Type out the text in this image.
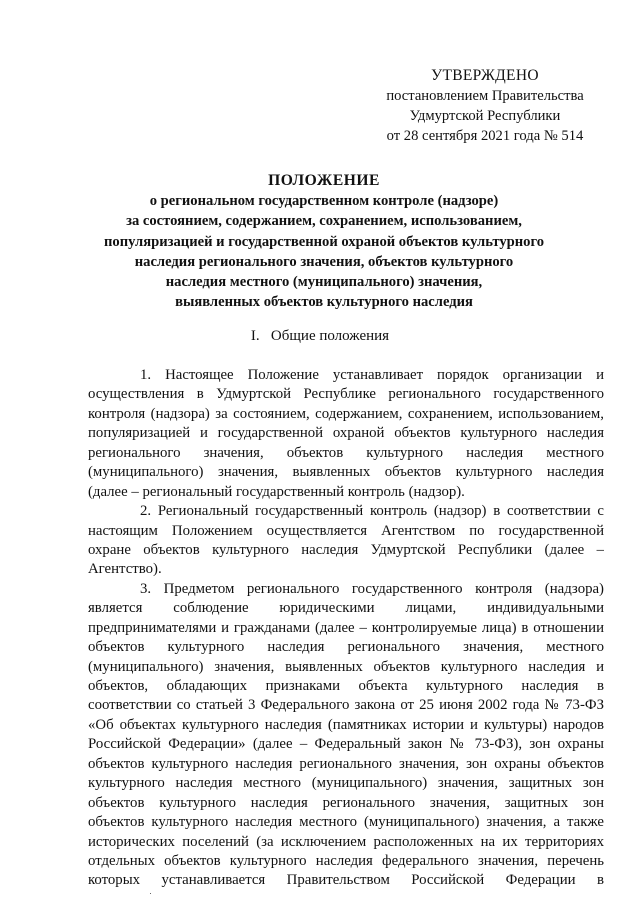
УТВЕРЖДЕНО
постановлением Правительства
Удмуртской Республики
от 28 сентября 2021 года № 514
ПОЛОЖЕНИЕ
о региональном государственном контроле (надзоре)
за состоянием, содержанием, сохранением, использованием,
популяризацией и государственной охраной объектов культурного
наследия регионального значения, объектов культурного
наследия местного (муниципального) значения,
выявленных объектов культурного наследия
I. Общие положения
1. Настоящее Положение устанавливает порядок организации и
осуществления в Удмуртской Республике регионального государственного
контроля (надзора) за состоянием, содержанием, сохранением, использованием,
популяризацией и государственной охраной объектов культурного наследия
регионального значения, объектов культурного наследия местного
(муниципального) значения, выявленных объектов культурного наследия
(далее – региональный государственный контроль (надзор).
2. Региональный государственный контроль (надзор) в соответствии с
настоящим Положением осуществляется Агентством по государственной
охране объектов культурного наследия Удмуртской Республики (далее –
Агентство).
3. Предметом регионального государственного контроля (надзора)
является соблюдение юридическими лицами, индивидуальными
предпринимателями и гражданами (далее – контролируемые лица) в отношении
объектов культурного наследия регионального значения, местного
(муниципального) значения, выявленных объектов культурного наследия и
объектов, обладающих признаками объекта культурного наследия в
соответствии со статьей 3 Федерального закона от 25 июня 2002 года № 73-ФЗ
«Об объектах культурного наследия (памятниках истории и культуры) народов
Российской Федерации» (далее – Федеральный закон № 73-ФЗ), зон охраны
объектов культурного наследия регионального значения, зон охраны объектов
культурного наследия местного (муниципального) значения, защитных зон
объектов культурного наследия регионального значения, защитных зон
объектов культурного наследия местного (муниципального) значения, а также
исторических поселений (за исключением расположенных на их территориях
отдельных объектов культурного наследия федерального значения, перечень
которых устанавливается Правительством Российской Федерации в
